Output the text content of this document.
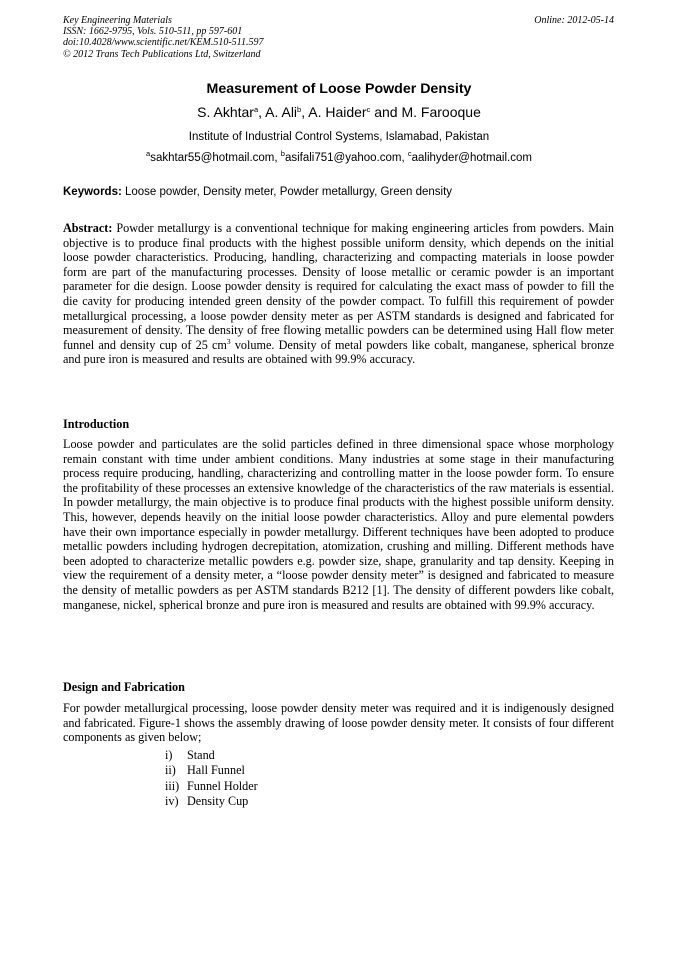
Key Engineering Materials
ISSN: 1662-9795, Vols. 510-511, pp 597-601
doi:10.4028/www.scientific.net/KEM.510-511.597
© 2012 Trans Tech Publications Ltd, Switzerland
Online: 2012-05-14
Measurement of Loose Powder Density
S. Akhtar$^a$, A. Ali$^b$, A. Haider$^c$ and M. Farooque
Institute of Industrial Control Systems, Islamabad, Pakistan
$^a$sakhtar55@hotmail.com, $^b$asifali751@yahoo.com, $^c$aalihyder@hotmail.com
Keywords: Loose powder, Density meter, Powder metallurgy, Green density
Abstract: Powder metallurgy is a conventional technique for making engineering articles from powders. Main objective is to produce final products with the highest possible uniform density, which depends on the initial loose powder characteristics. Producing, handling, characterizing and compacting materials in loose powder form are part of the manufacturing processes. Density of loose metallic or ceramic powder is an important parameter for die design. Loose powder density is required for calculating the exact mass of powder to fill the die cavity for producing intended green density of the powder compact. To fulfill this requirement of powder metallurgical processing, a loose powder density meter as per ASTM standards is designed and fabricated for measurement of density. The density of free flowing metallic powders can be determined using Hall flow meter funnel and density cup of 25 $cm^3$ volume. Density of metal powders like cobalt, manganese, spherical bronze and pure iron is measured and results are obtained with 99.9% accuracy.
Introduction
Loose powder and particulates are the solid particles defined in three dimensional space whose morphology remain constant with time under ambient conditions. Many industries at some stage in their manufacturing process require producing, handling, characterizing and controlling matter in the loose powder form. To ensure the profitability of these processes an extensive knowledge of the characteristics of the raw materials is essential. In powder metallurgy, the main objective is to produce final products with the highest possible uniform density. This, however, depends heavily on the initial loose powder characteristics. Alloy and pure elemental powders have their own importance especially in powder metallurgy. Different techniques have been adopted to produce metallic powders including hydrogen decrepitation, atomization, crushing and milling. Different methods have been adopted to characterize metallic powders e.g. powder size, shape, granularity and tap density. Keeping in view the requirement of a density meter, a “loose powder density meter” is designed and fabricated to measure the density of metallic powders as per ASTM standards B212 [1]. The density of different powders like cobalt, manganese, nickel, spherical bronze and pure iron is measured and results are obtained with 99.9% accuracy.
Design and Fabrication
For powder metallurgical processing, loose powder density meter was required and it is indigenously designed and fabricated. Figure-1 shows the assembly drawing of loose powder density meter. It consists of four different components as given below;
i) Stand
ii) Hall Funnel
iii) Funnel Holder
iv) Density Cup
